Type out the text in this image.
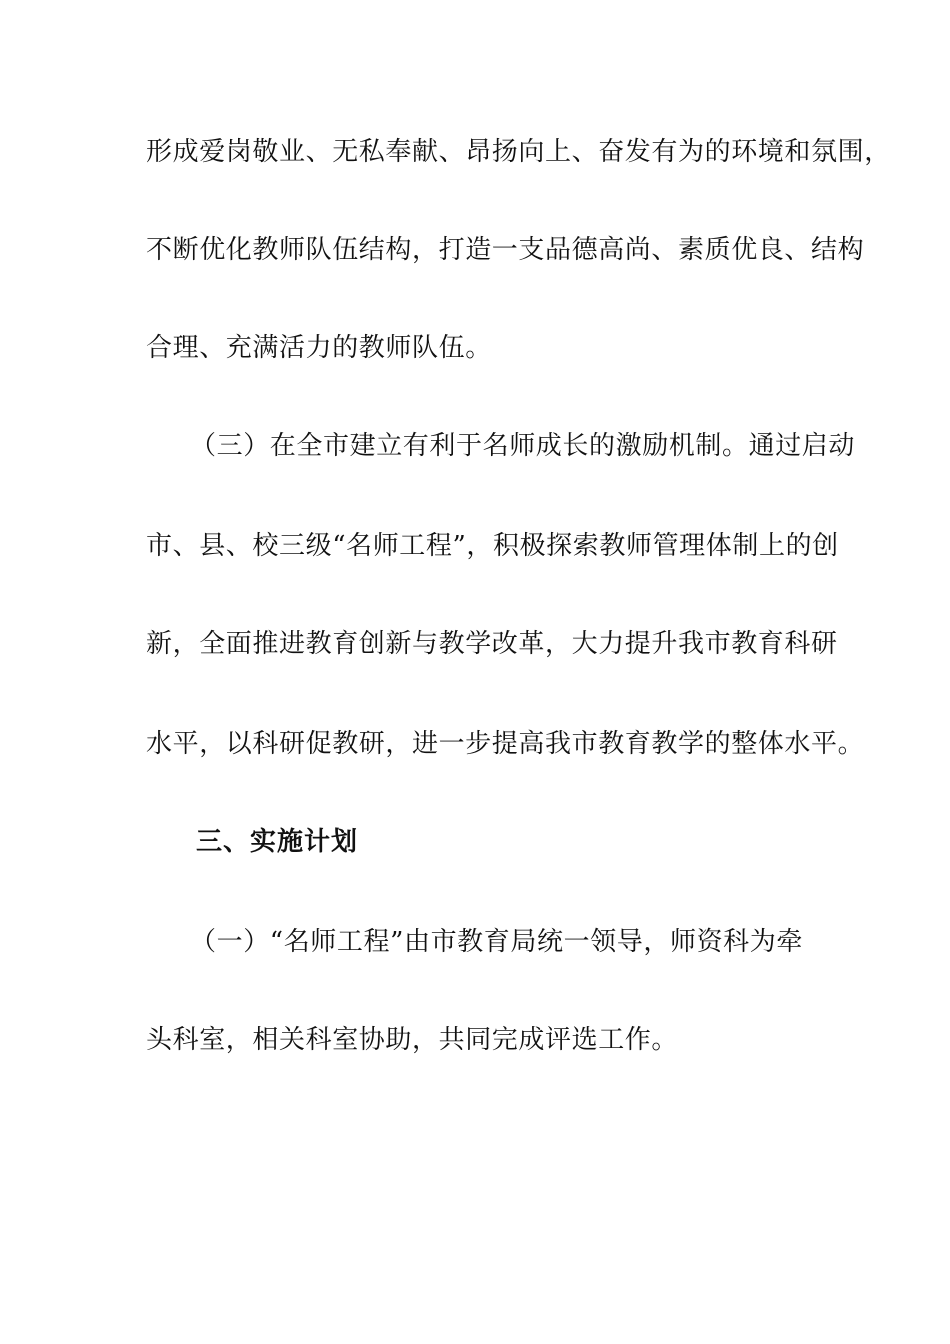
形成爱岗敬业、无私奉献、昂扬向上、奋发有为的环境和氛围，
不断优化教师队伍结构，打造一支品德高尚、素质优良、结构
合理、充满活力的教师队伍。
（三）在全市建立有利于名师成长的激励机制。通过启动
市、县、校三级“名师工程”，积极探索教师管理体制上的创
新，全面推进教育创新与教学改革，大力提升我市教育科研
水平，以科研促教研，进一步提高我市教育教学的整体水平。
三、实施计划
（一）“名师工程”由市教育局统一领导，师资科为牵
头科室，相关科室协助，共同完成评选工作。
